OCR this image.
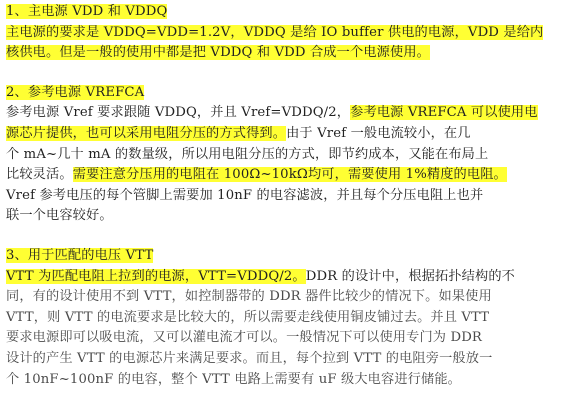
1、主电源 VDD 和 VDDQ
主电源的要求是 VDDQ=VDD=1.2V，VDDQ 是给 IO buffer 供电的电源，VDD 是给内
核供电。但是一般的使用中都是把 VDDQ 和 VDD 合成一个电源使用。
2、参考电源 VREFCA
参考电源 Vref 要求跟随 VDDQ，并且 Vref=VDDQ/2，参考电源 VREFCA 可以使用电
源芯片提供，也可以采用电阻分压的方式得到。由于 Vref 一般电流较小，在几
个 mA~几十 mA 的数量级，所以用电阻分压的方式，即节约成本，又能在布局上
比较灵活。需要注意分压用的电阻在 100Ω~10kΩ均可，需要使用 1%精度的电阻。
Vref 参考电压的每个管脚上需要加 10nF 的电容滤波，并且每个分压电阻上也并
联一个电容较好。
3、用于匹配的电压 VTT
VTT 为匹配电阻上拉到的电源，VTT=VDDQ/2。DDR 的设计中，根据拓扑结构的不
同，有的设计使用不到 VTT，如控制器带的 DDR 器件比较少的情况下。如果使用
VTT，则 VTT 的电流要求是比较大的，所以需要走线使用铜皮铺过去。并且 VTT
要求电源即可以吸电流，又可以灌电流才可以。一般情况下可以使用专门为 DDR
设计的产生 VTT 的电源芯片来满足要求。而且，每个拉到 VTT 的电阻旁一般放一
个 10nF~100nF 的电容，整个 VTT 电路上需要有 uF 级大电容进行储能。
